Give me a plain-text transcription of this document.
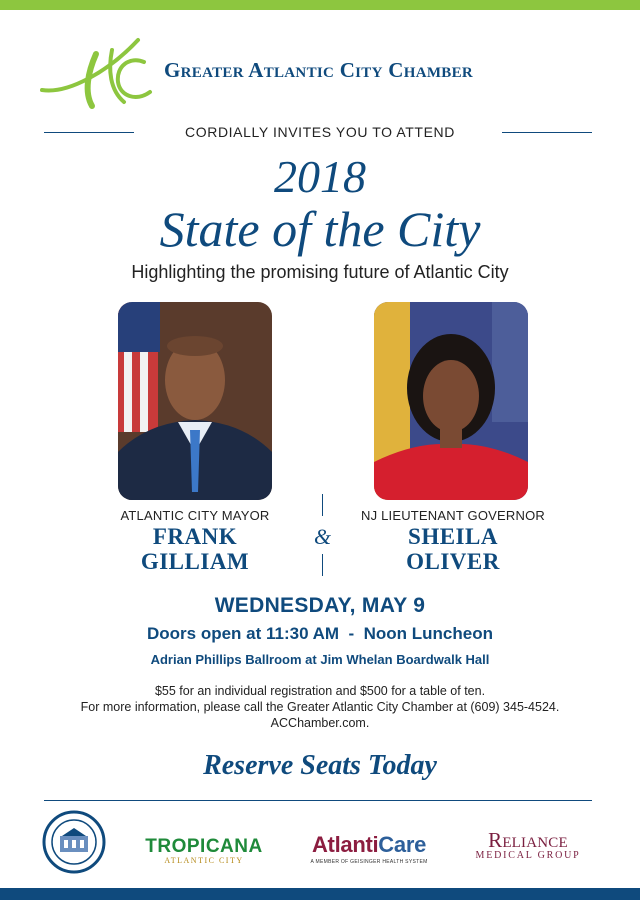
Greater Atlantic City Chamber
CORDIALLY INVITES YOU TO ATTEND
2018
State of the City
Highlighting the promising future of Atlantic City
&
ATLANTIC CITY MAYOR
FRANK
GILLIAM
NJ LIEUTENANT GOVERNOR
SHEILA
OLIVER
WEDNESDAY, MAY 9
Doors open at 11:30 AM  -  Noon Luncheon
Adrian Phillips Ballroom at Jim Whelan Boardwalk Hall
$55 for an individual registration and $500 for a table of ten.
For more information, please call the Greater Atlantic City Chamber at (609) 345-4524.
ACChamber.com.
Reserve Seats Today
TROPICANA
ATLANTIC CITY
AtlantiCare
A MEMBER OF GEISINGER HEALTH SYSTEM
Reliance
MEDICAL GROUP
